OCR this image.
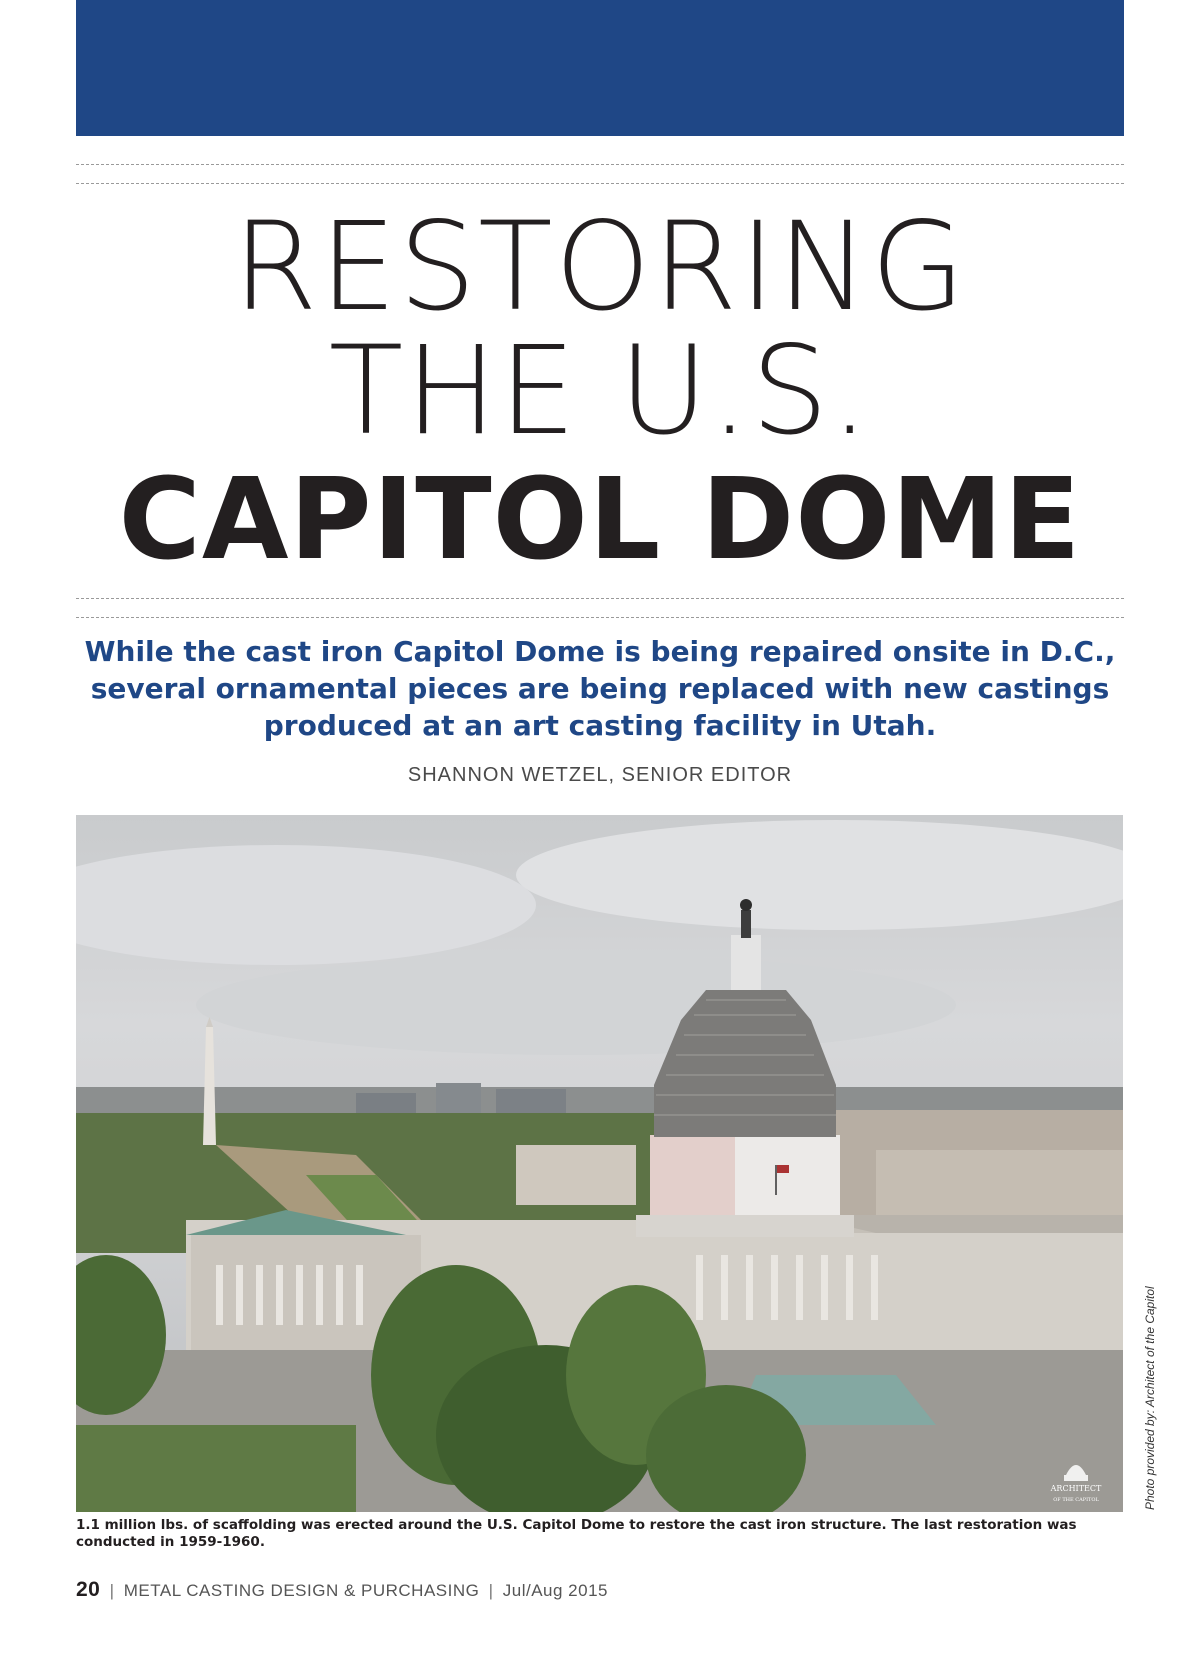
RESTORING
THE U.S.
CAPITOL DOME

While the cast iron Capitol Dome is being repaired onsite in D.C., several ornamental pieces are being replaced with new castings produced at an art casting facility in Utah.

SHANNON WETZEL, SENIOR EDITOR
ARCHITECT
OF THE CAPITOL	Photo provided by: Architect of the Capitol

1.1 million lbs. of scaffolding was erected around the U.S. Capitol Dome to restore the cast iron structure. The last restoration was conducted in 1959-1960.

20 | METAL CASTING DESIGN & PURCHASING | Jul/Aug 2015
